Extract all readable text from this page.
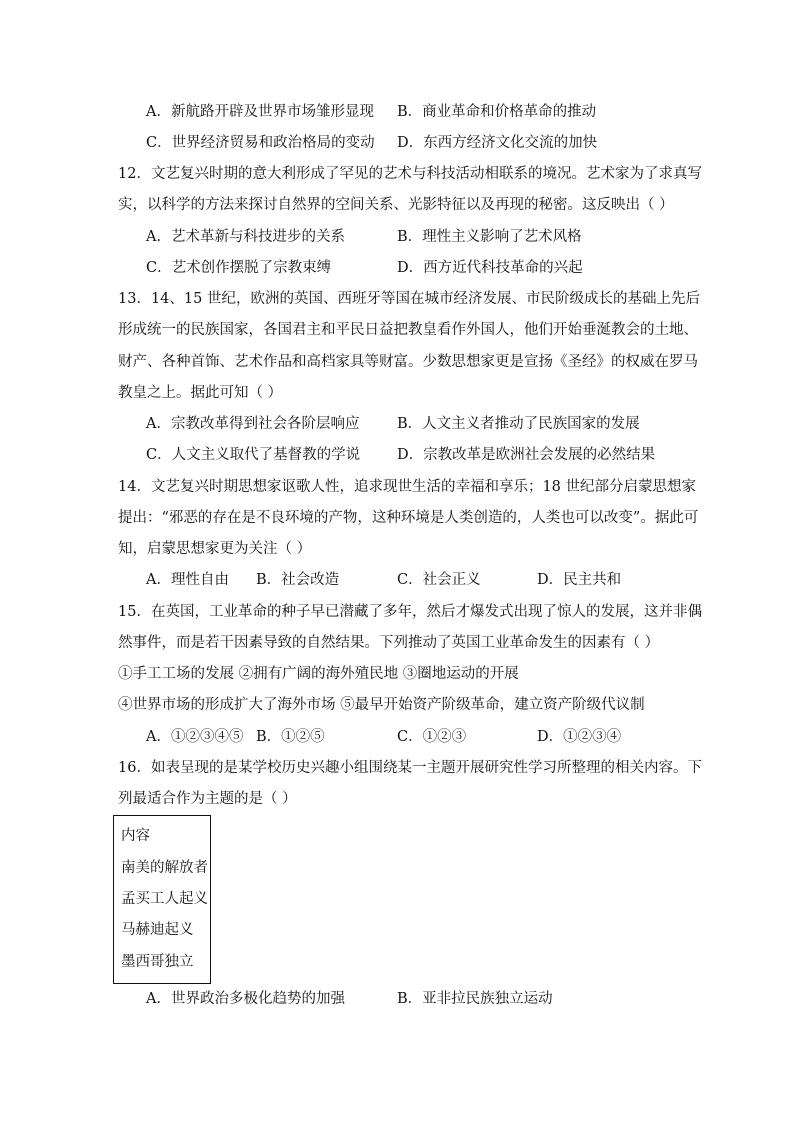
A．新航路开辟及世界市场雏形显现 B．商业革命和价格革命的推动
C．世界经济贸易和政治格局的变动 D．东西方经济文化交流的加快
12．文艺复兴时期的意大利形成了罕见的艺术与科技活动相联系的境况。艺术家为了求真写
实，以科学的方法来探讨自然界的空间关系、光影特征以及再现的秘密。这反映出（ ）
A．艺术革新与科技进步的关系	B．理性主义影响了艺术风格
C．艺术创作摆脱了宗教束缚	D．西方近代科技革命的兴起
13．14、15 世纪，欧洲的英国、西班牙等国在城市经济发展、市民阶级成长的基础上先后
形成统一的民族国家，各国君主和平民日益把教皇看作外国人，他们开始垂涎教会的土地、
财产、各种首饰、艺术作品和高档家具等财富。少数思想家更是宣扬《圣经》的权威在罗马
教皇之上。据此可知（ ）
A．宗教改革得到社会各阶层响应	B．人文主义者推动了民族国家的发展
C．人文主义取代了基督教的学说	D．宗教改革是欧洲社会发展的必然结果
14．文艺复兴时期思想家讴歌人性，追求现世生活的幸福和享乐；18 世纪部分启蒙思想家
提出：“邪恶的存在是不良环境的产物，这种环境是人类创造的，人类也可以改变”。据此可
知，启蒙思想家更为关注（ ）
A．理性自由 B．社会改造	C．社会正义	D．民主共和
15．在英国，工业革命的种子早已潜藏了多年，然后才爆发式出现了惊人的发展，这并非偶
然事件，而是若干因素导致的自然结果。下列推动了英国工业革命发生的因素有（ ）
①手工工场的发展 ②拥有广阔的海外殖民地 ③圈地运动的开展
④世界市场的形成扩大了海外市场 ⑤最早开始资产阶级革命，建立资产阶级代议制
A．①②③④⑤ B．①②⑤	C．①②③	D．①②③④
16．如表呈现的是某学校历史兴趣小组围绕某一主题开展研究性学习所整理的相关内容。下
列最适合作为主题的是（ ）
内容
南美的解放者
孟买工人起义
马赫迪起义
墨西哥独立
A．世界政治多极化趋势的加强	B．亚非拉民族独立运动
